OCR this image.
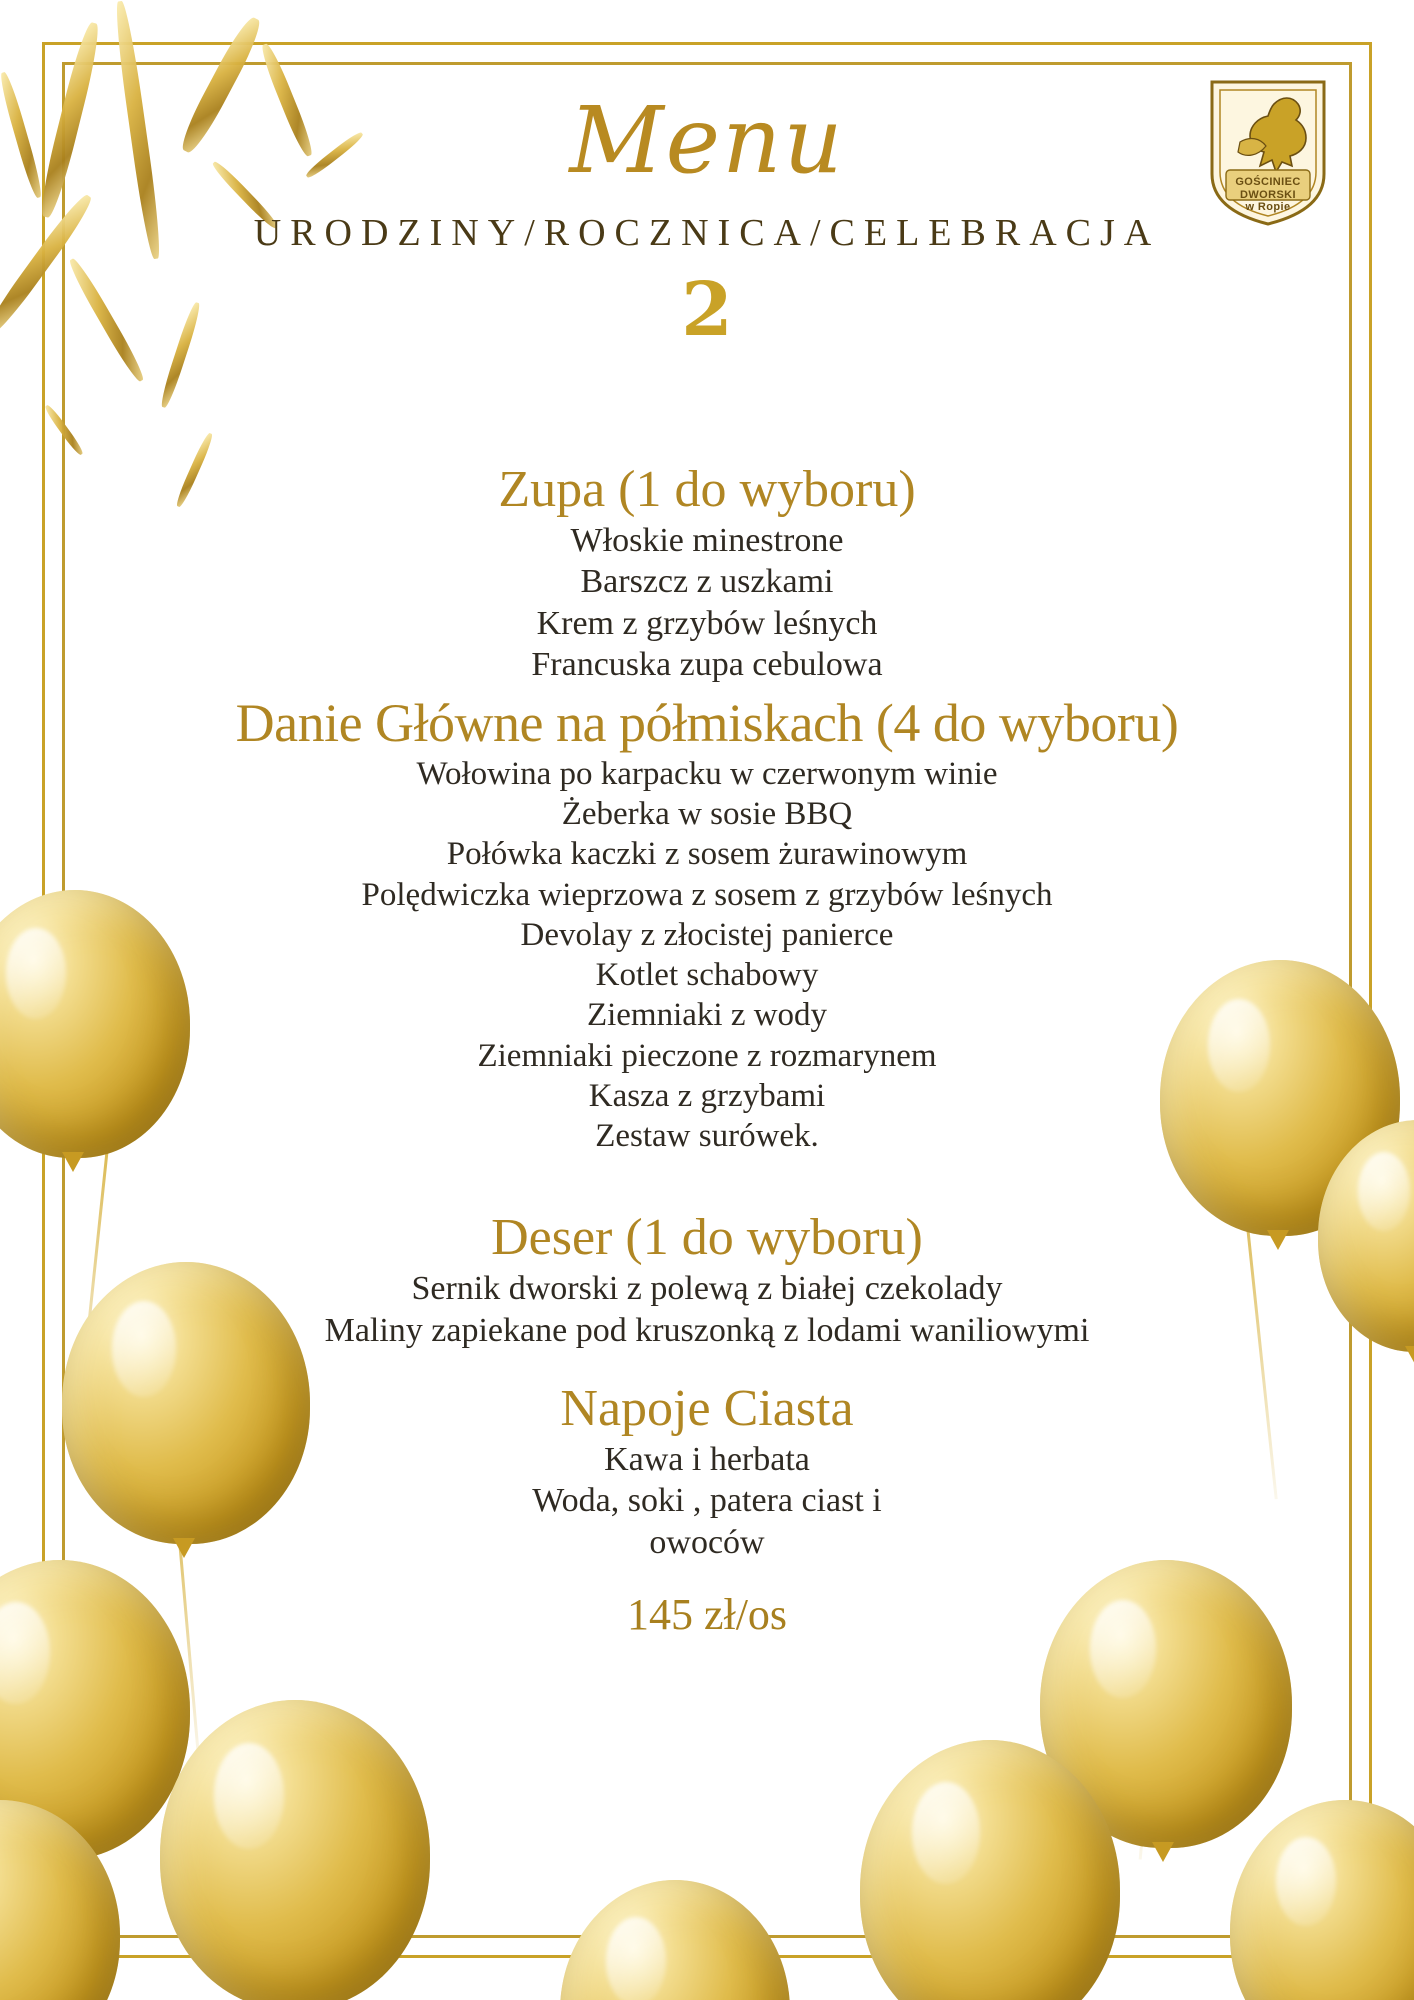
GOŚCINIEC
DWORSKI
w Ropie
Menu
URODZINY/ROCZNICA/CELEBRACJA
2
Zupa (1 do wyboru)
Włoskie minestrone
Barszcz z uszkami
Krem z grzybów leśnych
Francuska zupa cebulowa
Danie Główne na półmiskach (4 do wyboru)
Wołowina po karpacku w czerwonym winie
Żeberka w sosie BBQ
Połówka kaczki z sosem żurawinowym
Polędwiczka wieprzowa z sosem z grzybów leśnych
Devolay z złocistej panierce
Kotlet schabowy
Ziemniaki z wody
Ziemniaki pieczone z rozmarynem
Kasza z grzybami
Zestaw surówek.
Deser (1 do wyboru)
Sernik dworski z polewą z białej czekolady
Maliny zapiekane pod kruszonką z lodami waniliowymi
Napoje Ciasta
Kawa i herbata
Woda, soki , patera ciast i
owoców
145 zł/os
